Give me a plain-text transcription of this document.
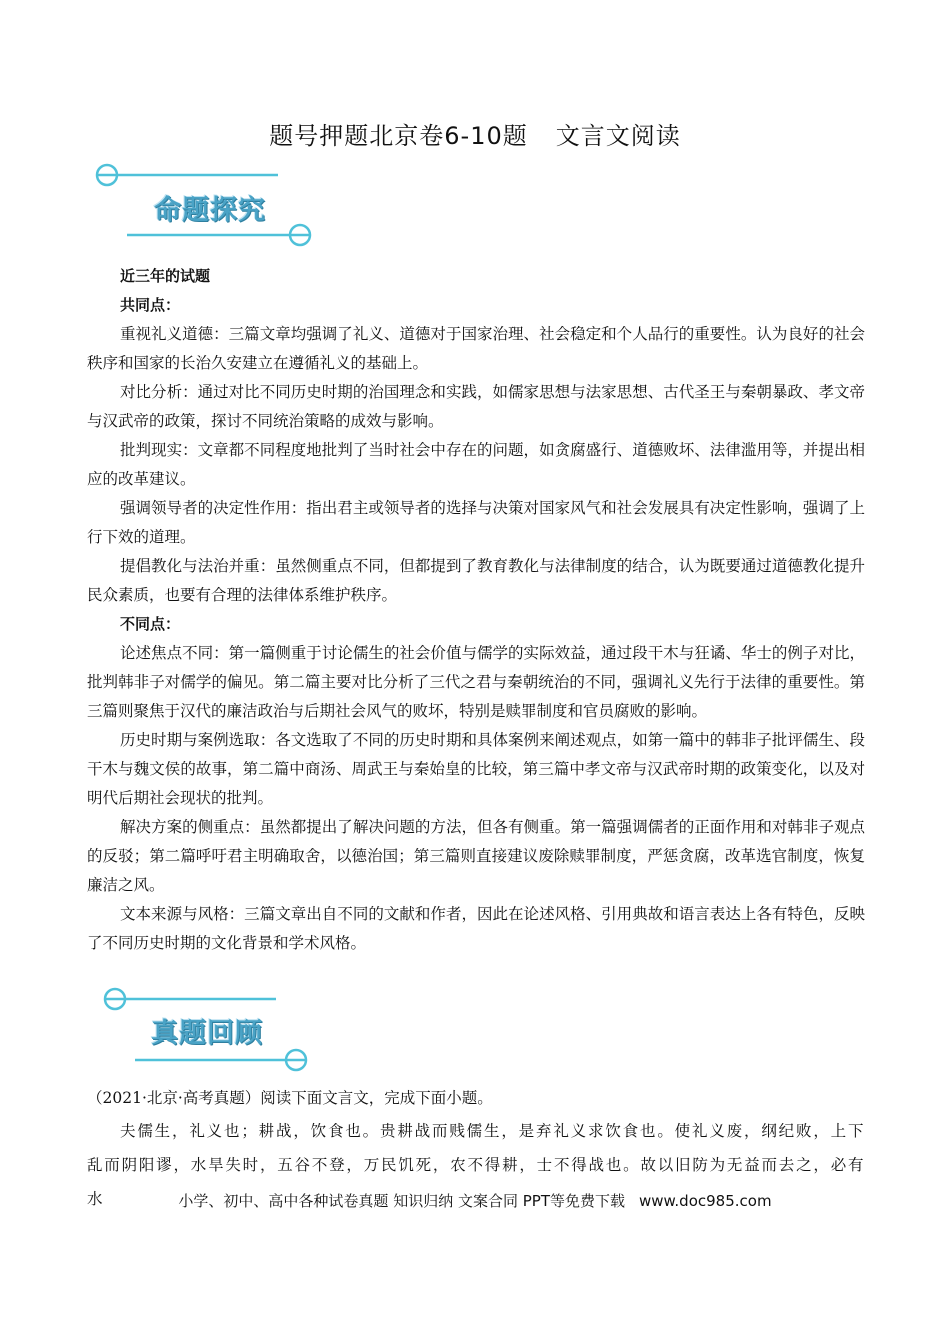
题号押题北京卷6-10题 文言文阅读
命题探究

近三年的试题

共同点：

重视礼义道德：三篇文章均强调了礼义、道德对于国家治理、社会稳定和个人品行的重要性。认为良好的社会秩序和国家的长治久安建立在遵循礼义的基础上。

对比分析：通过对比不同历史时期的治国理念和实践，如儒家思想与法家思想、古代圣王与秦朝暴政、孝文帝与汉武帝的政策，探讨不同统治策略的成效与影响。

批判现实：文章都不同程度地批判了当时社会中存在的问题，如贪腐盛行、道德败坏、法律滥用等，并提出相应的改革建议。

强调领导者的决定性作用：指出君主或领导者的选择与决策对国家风气和社会发展具有决定性影响，强调了上行下效的道理。

提倡教化与法治并重：虽然侧重点不同，但都提到了教育教化与法律制度的结合，认为既要通过道德教化提升民众素质，也要有合理的法律体系维护秩序。

不同点：

论述焦点不同：第一篇侧重于讨论儒生的社会价值与儒学的实际效益，通过段干木与狂谲、华士的例子对比，批判韩非子对儒学的偏见。第二篇主要对比分析了三代之君与秦朝统治的不同，强调礼义先行于法律的重要性。第三篇则聚焦于汉代的廉洁政治与后期社会风气的败坏，特别是赎罪制度和官员腐败的影响。

历史时期与案例选取：各文选取了不同的历史时期和具体案例来阐述观点，如第一篇中的韩非子批评儒生、段干木与魏文侯的故事，第二篇中商汤、周武王与秦始皇的比较，第三篇中孝文帝与汉武帝时期的政策变化，以及对明代后期社会现状的批判。

解决方案的侧重点：虽然都提出了解决问题的方法，但各有侧重。第一篇强调儒者的正面作用和对韩非子观点的反驳；第二篇呼吁君主明确取舍，以德治国；第三篇则直接建议废除赎罪制度，严惩贪腐，改革选官制度，恢复廉洁之风。

文本来源与风格：三篇文章出自不同的文献和作者，因此在论述风格、引用典故和语言表达上各有特色，反映了不同历史时期的文化背景和学术风格。

真题回顾
（2021·北京·高考真题）阅读下面文言文，完成下面小题。
夫儒生，礼义也；耕战，饮食也。贵耕战而贱儒生，是弃礼义求饮食也。使礼义废，纲纪败，上下乱而阴阳谬，水旱失时，五谷不登，万民饥死，农不得耕，士不得战也。故以旧防为无益而去之，必有水	小学、初中、高中各种试卷真题 知识归纳 文案合同 PPT等免费下载 www.doc985.com
